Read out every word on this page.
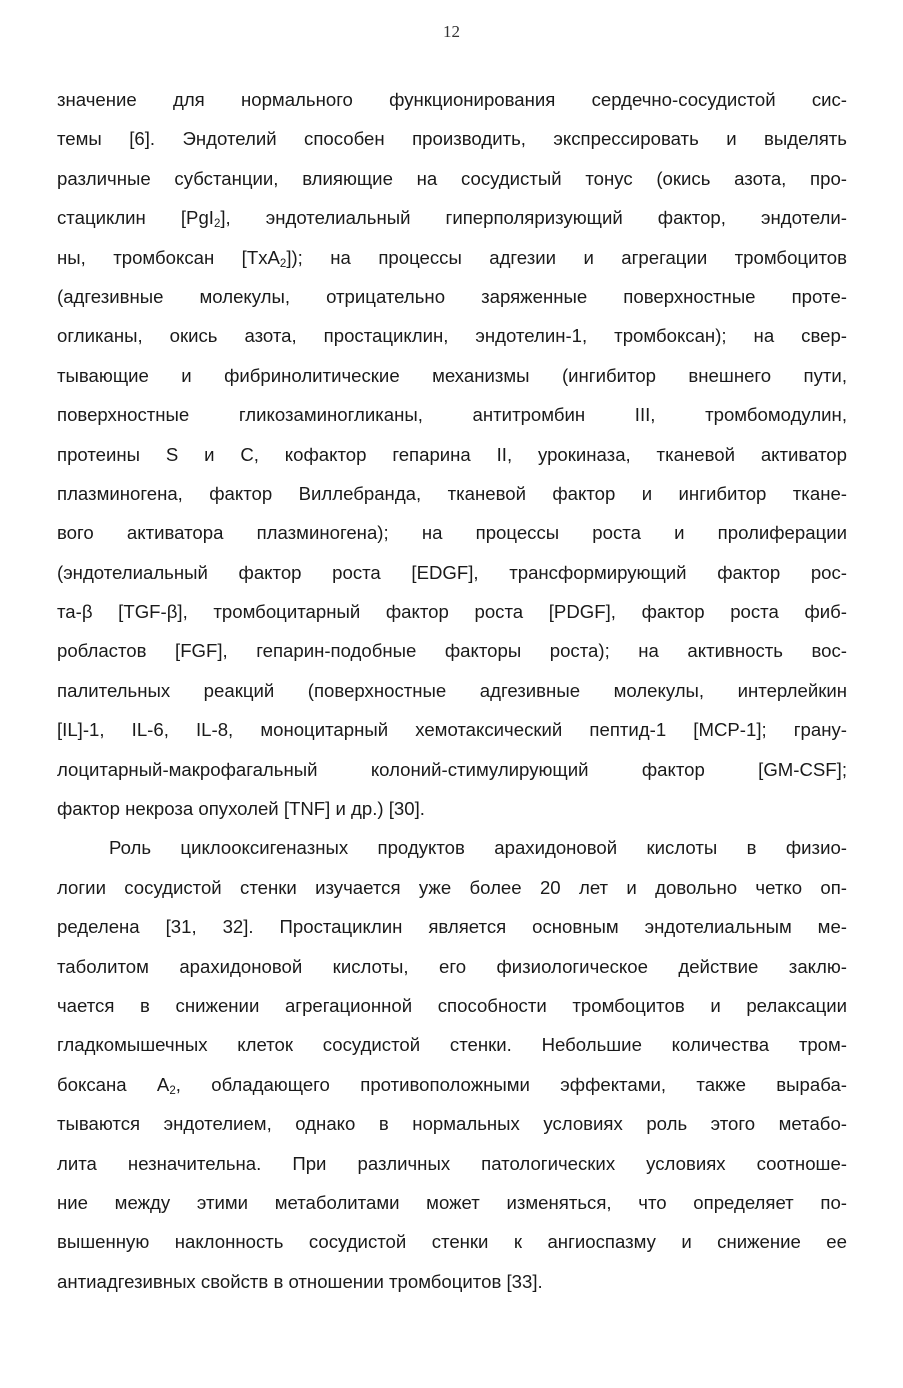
12
значение для нормального функционирования сердечно-сосудистой сис-
темы [6]. Эндотелий способен производить, экспрессировать и выделять
различные субстанции, влияющие на сосудистый тонус (окись азота, про-
стациклин [PgI$_2$], эндотелиальный гиперполяризующий фактор, эндотели-
ны, тромбоксан [TxA$_2$]); на процессы адгезии и агрегации тромбоцитов
(адгезивные молекулы, отрицательно заряженные поверхностные протe-
огликаны, окись азота, простациклин, эндотелин-1, тромбоксан); на свер-
тывающие и фибринолитические механизмы (ингибитор внешнего пути,
поверхностные гликозаминогликаны, антитромбин III, тромбомодулин,
протеины S и C, кофактор гепарина II, урокиназа, тканевой активатор
плазминогена, фактор Виллебранда, тканевой фактор и ингибитор ткане-
вого активатора плазминогена); на процессы роста и пролиферации
(эндотелиальный фактор роста [EDGF], трансформирующий фактор рос-
та-β [TGF-β], тромбоцитарный фактор роста [PDGF], фактор роста фиб-
робластов [FGF], гепарин-подобные факторы роста); на активность вос-
палительных реакций (поверхностные адгезивные молекулы, интерлейкин
[IL]-1, IL-6, IL-8, моноцитарный хемотаксический пептид-1 [MCP-1]; грану-
лоцитарный-макрофагальный колоний-стимулирующий фактор [GM-CSF];
фактор некроза опухолей [TNF] и др.) [30].
Роль циклооксигеназных продуктов арахидоновой кислоты в физио-
логии сосудистой стенки изучается уже более 20 лет и довольно четко оп-
ределена [31, 32]. Простациклин является основным эндотелиальным ме-
таболитом арахидоновой кислоты, его физиологическое действие заклю-
чается в снижении агрегационной способности тромбоцитов и релаксации
гладкомышечных клеток сосудистой стенки. Небольшие количества тром-
боксана $A_2$, обладающего противоположными эффектами, также выраба-
тываются эндотелием, однако в нормальных условиях роль этого метабо-
лита незначительна. При различных патологических условиях соотноше-
ние между этими метаболитами может изменяться, что определяет по-
вышенную наклонность сосудистой стенки к ангиоспазму и снижение ее
антиадгезивных свойств в отношении тромбоцитов [33].
